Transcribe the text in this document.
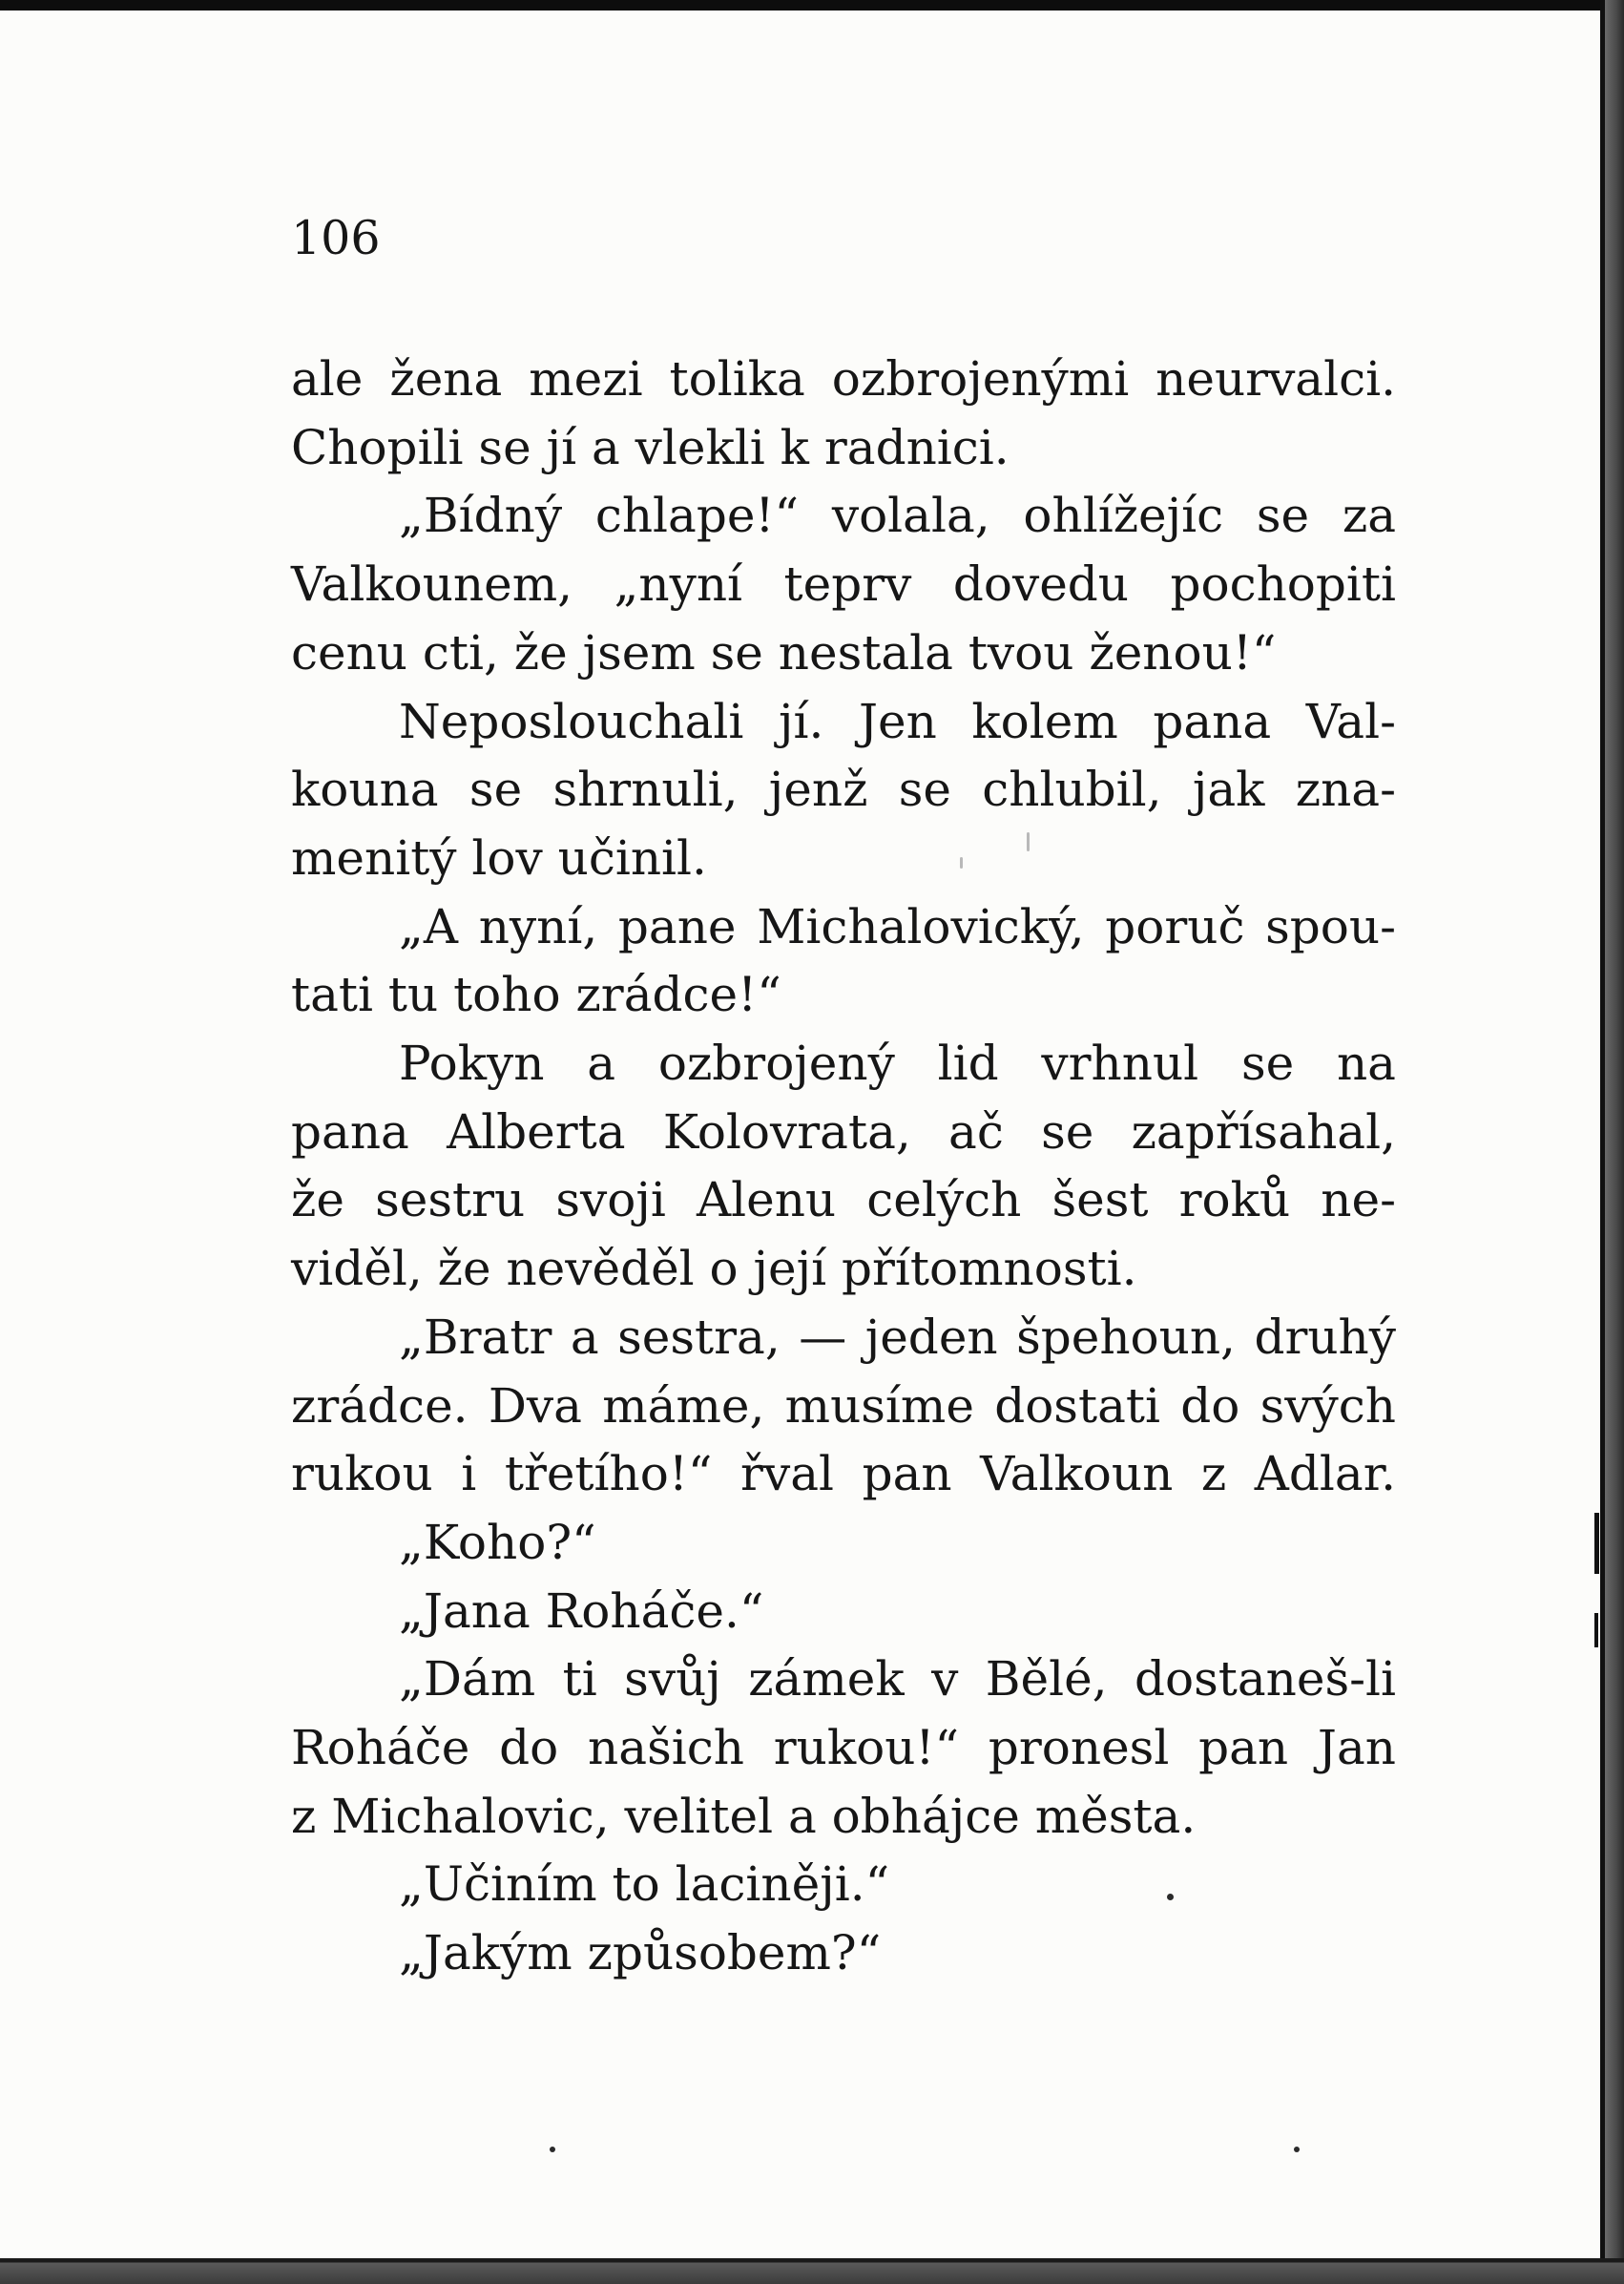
106
ale žena mezi tolika ozbrojenými neurvalci.
Chopili se jí a vlekli k radnici.
„Bídný chlape!“ volala, ohlížejíc se za
Valkounem, „nyní teprv dovedu pochopiti
cenu cti, že jsem se nestala tvou ženou!“
Neposlouchali jí. Jen kolem pana Val-
kouna se shrnuli, jenž se chlubil, jak zna-
menitý lov učinil.
„A nyní, pane Michalovický, poruč spou-
tati tu toho zrádce!“
Pokyn a ozbrojený lid vrhnul se na
pana Alberta Kolovrata, ač se zapřísahal,
že sestru svoji Alenu celých šest roků ne-
viděl, že nevěděl o její přítomnosti.
„Bratr a sestra, — jeden špehoun, druhý
zrádce. Dva máme, musíme dostati do svých
rukou i třetího!“ řval pan Valkoun z Adlar.
„Koho?“
„Jana Roháče.“
„Dám ti svůj zámek v Bělé, dostaneš-li
Roháče do našich rukou!“ pronesl pan Jan
z Michalovic, velitel a obhájce města.
„Učiním to laciněji.“
„Jakým způsobem?“
